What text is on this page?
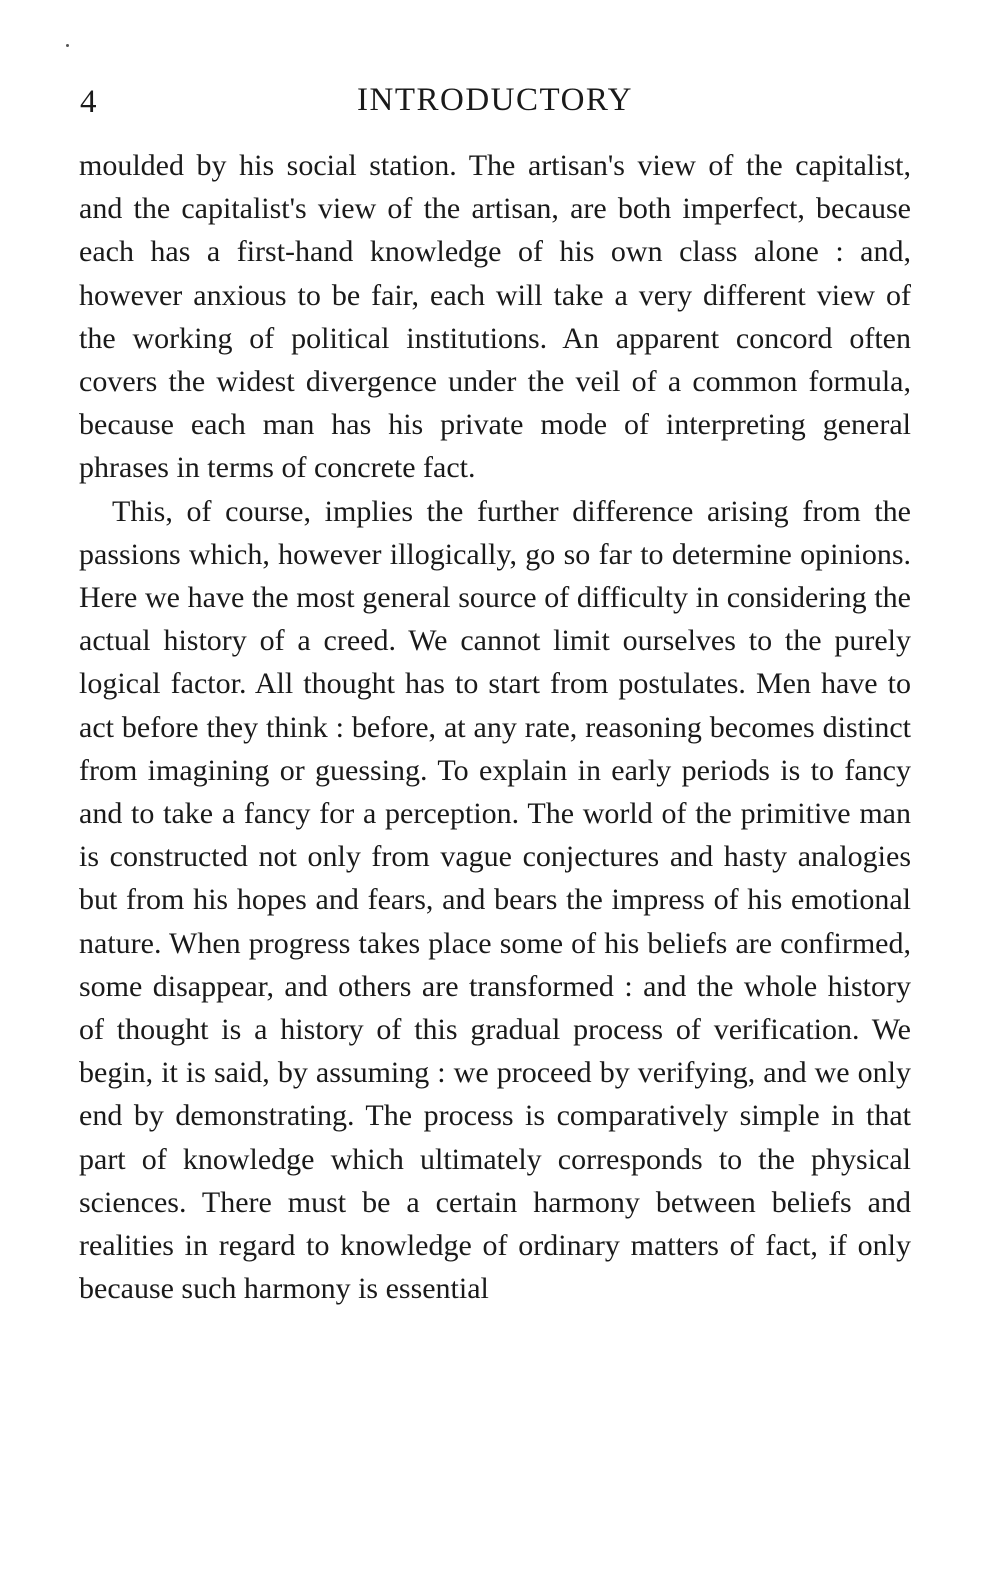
4	INTRODUCTORY

moulded by his social station. The artisan's view of the capitalist, and the capitalist's view of the artisan, are both imperfect, because each has a first-hand knowledge of his own class alone : and, however anxious to be fair, each will take a very different view of the working of political institutions. An apparent concord often covers the widest divergence under the veil of a common formula, because each man has his private mode of interpreting general phrases in terms of concrete fact.

This, of course, implies the further difference arising from the passions which, however illogically, go so far to determine opinions. Here we have the most general source of difficulty in considering the actual history of a creed. We cannot limit ourselves to the purely logical factor. All thought has to start from postulates. Men have to act before they think : before, at any rate, reasoning becomes distinct from imagining or guessing. To explain in early periods is to fancy and to take a fancy for a perception. The world of the primitive man is constructed not only from vague conjectures and hasty analogies but from his hopes and fears, and bears the impress of his emotional nature. When progress takes place some of his beliefs are confirmed, some disappear, and others are transformed : and the whole history of thought is a history of this gradual process of verification. We begin, it is said, by assuming : we proceed by verifying, and we only end by demonstrating. The process is comparatively simple in that part of knowledge which ultimately corresponds to the physical sciences. There must be a certain harmony between beliefs and realities in regard to knowledge of ordinary matters of fact, if only because such harmony is essential
